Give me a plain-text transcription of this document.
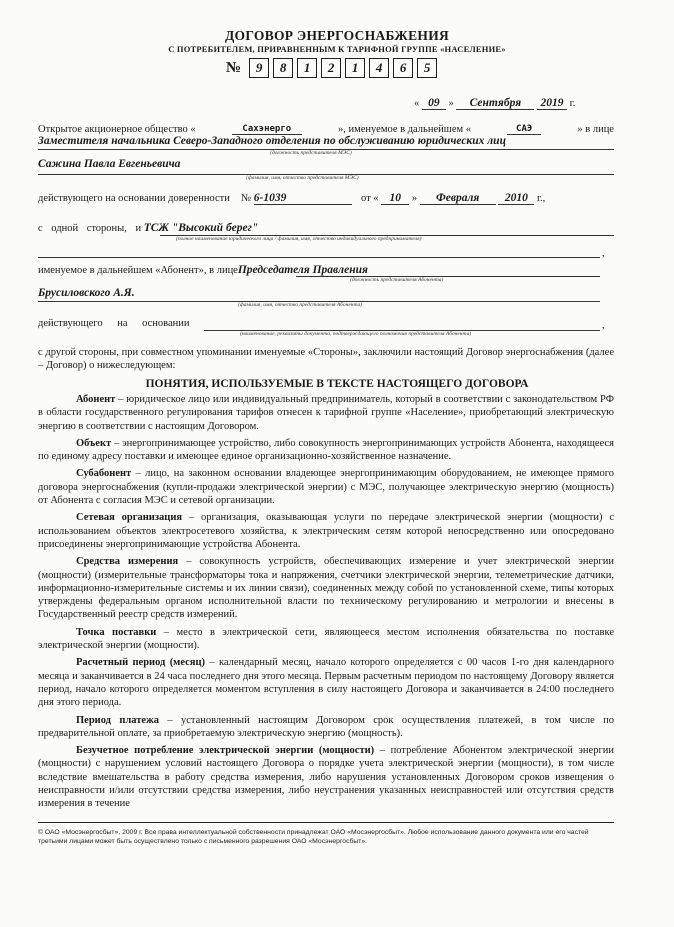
ДОГОВОР ЭНЕРГОСНАБЖЕНИЯ
С ПОТРЕБИТЕЛЕМ, ПРИРАВНЕННЫМ К ТАРИФНОЙ ГРУППЕ «НАСЕЛЕНИЕ»
№	9	8	1	2	1	4	6	5
« 09 » Сентября 2019 г.
Открытое акционерное общество «	Сахэнерго	», именуемое в дальнейшем «	САЭ	» в лице
Заместителя начальника Северо-Западного отделения по обслуживанию юридических лиц
(должность представителя МЭС)
Сажина Павла Евгеньевича
(фамилия, имя, отчество представителя МЭС)
действующего на основании доверенности № 6-1039	от « 10 » Февраля 2010 г.,
с одной стороны, и ТСЖ "Высокий берег"
(полное наименование юридического лица / фамилия, имя, отчество индивидуального предпринимателя)
,
именуемое в дальнейшем «Абонент», в лицеПредседателя Правления
(должность представителя Абонента)
Брусиловского А.Я.
(фамилия, имя, отчество представителя Абонента)
действующего на основании	,
(наименование, реквизиты документа, подтверждающего полномочия представителя Абонента)

с другой стороны, при совместном упоминании именуемые «Стороны», заключили настоящий Договор энергоснабжения (далее – Договор) о нижеследующем:

ПОНЯТИЯ, ИСПОЛЬЗУЕМЫЕ В ТЕКСТЕ НАСТОЯЩЕГО ДОГОВОРА

Абонент – юридическое лицо или индивидуальный предприниматель, который в соответствии с законодательством РФ в области государственного регулирования тарифов отнесен к тарифной группе «Население», приобретающий электрическую энергию в соответствии с настоящим Договором.

Объект – энергопринимающее устройство, либо совокупность энергопринимающих устройств Абонента, находящееся по единому адресу поставки и имеющее единое организационно-хозяйственное назначение.

Субабонент – лицо, на законном основании владеющее энергопринимающим оборудованием, не имеющее прямого договора энергоснабжения (купли-продажи электрической энергии) с МЭС, получающее электрическую энергию (мощность) от Абонента с согласия МЭС и сетевой организации.

Сетевая организация – организация, оказывающая услуги по передаче электрической энергии (мощности) с использованием объектов электросетевого хозяйства, к электрическим сетям которой непосредственно или опосредовано присоединены энергопринимающие устройства Абонента.

Средства измерения – совокупность устройств, обеспечивающих измерение и учет электрической энергии (мощности) (измерительные трансформаторы тока и напряжения, счетчики электрической энергии, телеметрические датчики, информационно-измерительные системы и их линии связи), соединенных между собой по установленной схеме, типы которых утверждены федеральным органом исполнительной власти по техническому регулированию и метрологии и внесены в Государственный реестр средств измерений.

Точка поставки – место в электрической сети, являющееся местом исполнения обязательства по поставке электрической энергии (мощности).

Расчетный период (месяц) – календарный месяц, начало которого определяется с 00 часов 1-го дня календарного месяца и заканчивается в 24 часа последнего дня этого месяца. Первым расчетным периодом по настоящему Договору является период, начало которого определяется моментом вступления в силу настоящего Договора и заканчивается в 24:00 последнего дня этого периода.

Период платежа – установленный настоящим Договором срок осуществления платежей, в том числе по предварительной оплате, за приобретаемую электрическую энергию (мощность).

Безучетное потребление электрической энергии (мощности) – потребление Абонентом электрической энергии (мощности) с нарушением условий настоящего Договора о порядке учета электрической энергии (мощности), в том числе вследствие вмешательства в работу средства измерения, либо нарушения установленных Договором сроков извещения о неисправности и/или отсутствии средства измерения, либо неустранения указанных неисправностей или отсутствия средств измерения в течение

© ОАО «Мосэнергосбыт», 2009 г. Все права интеллектуальной собственности принадлежат ОАО «Мосэнергосбыт». Любое использование данного документа или его частей третьими лицами может быть осуществлено только с письменного разрешения ОАО «Мосэнергосбыт».
